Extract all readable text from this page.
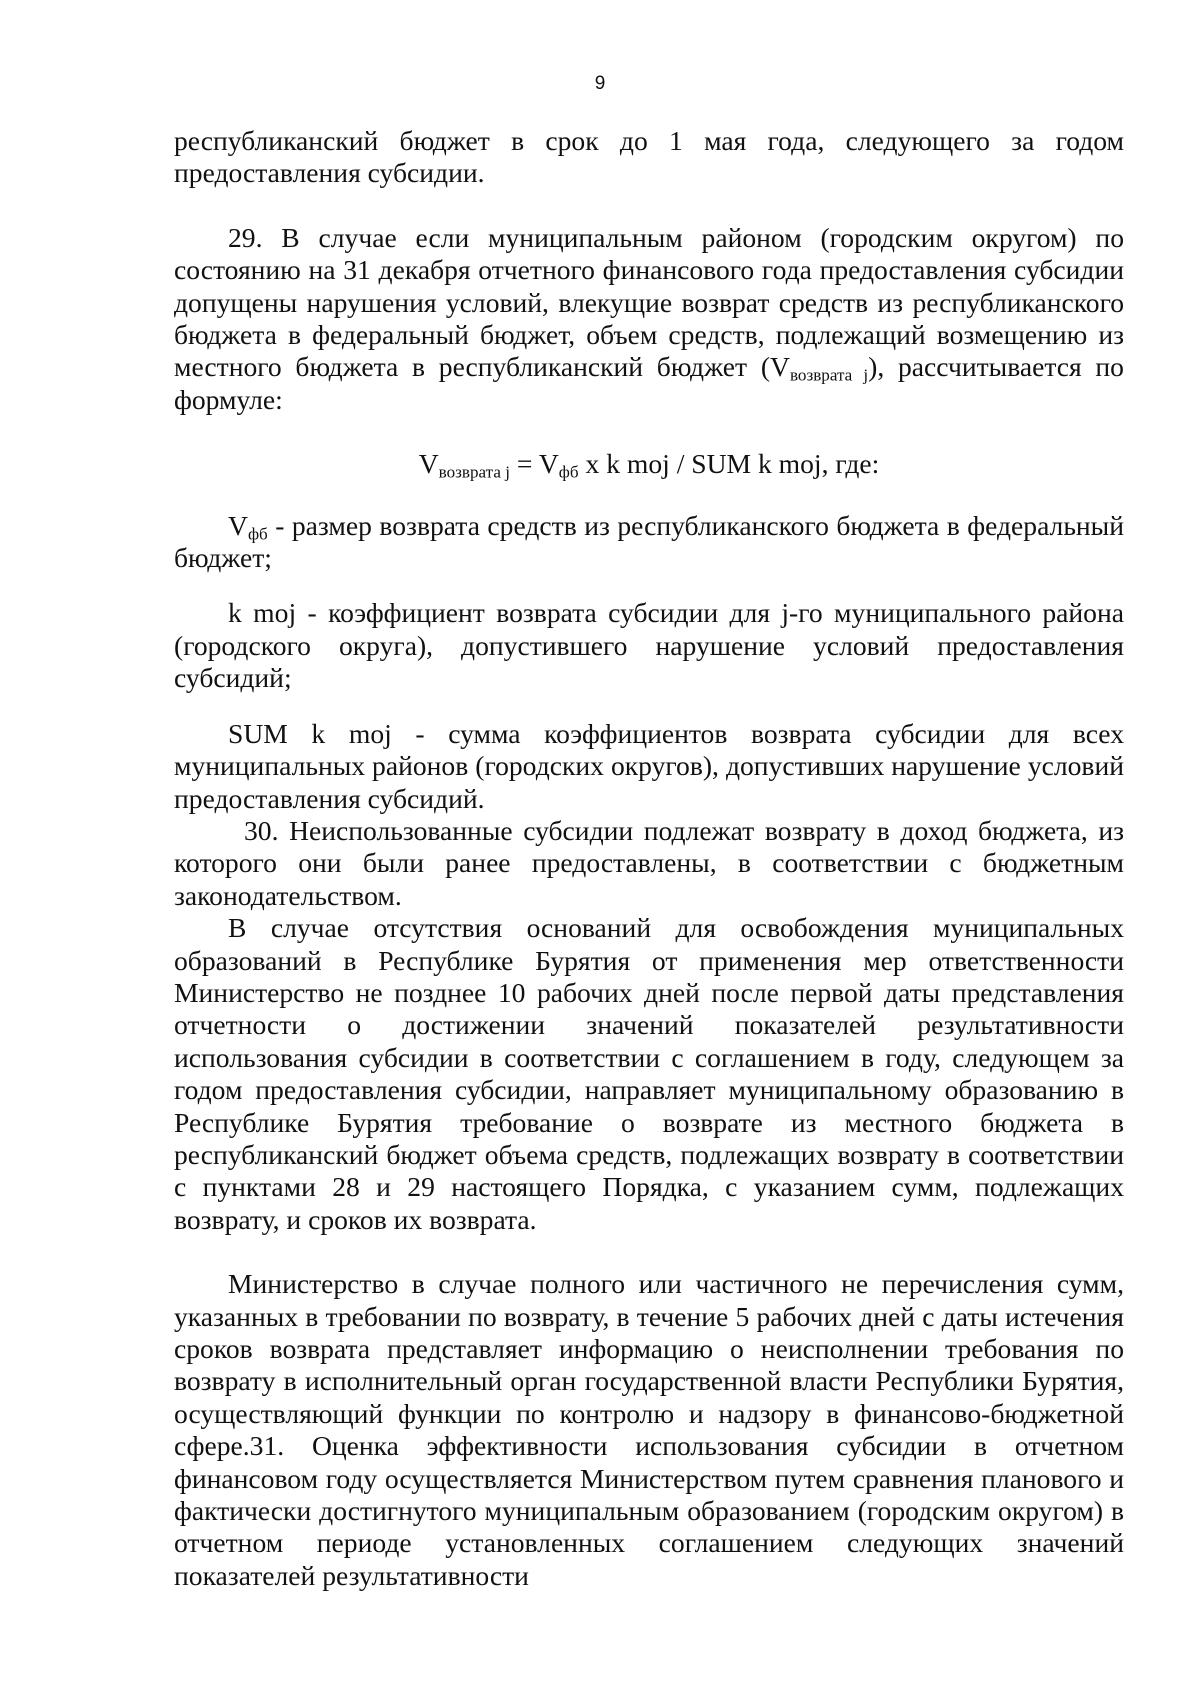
9

республиканский бюджет в срок до 1 мая года, следующего за годом предоставления субсидии.

29. В случае если муниципальным районом (городским округом) по состоянию на 31 декабря отчетного финансового года предоставления субсидии допущены нарушения условий, влекущие возврат средств из республиканского бюджета в федеральный бюджет, объем средств, подлежащий возмещению из местного бюджета в республиканский бюджет $(V_{возврата j})$, рассчитывается по формуле:

$V_{возврата j} = V_{фб}$ x k moj / SUM k moj, где:

$V_{фб}$ - размер возврата средств из республиканского бюджета в федеральный бюджет;

k moj - коэффициент возврата субсидии для j-го муниципального района (городского округа), допустившего нарушение условий предоставления субсидий;

SUM k moj - сумма коэффициентов возврата субсидии для всех муниципальных районов (городских округов), допустивших нарушение условий предоставления субсидий.

30. Неиспользованные субсидии подлежат возврату в доход бюджета, из которого они были ранее предоставлены, в соответствии с бюджетным законодательством.

В случае отсутствия оснований для освобождения муниципальных образований в Республике Бурятия от применения мер ответственности Министерство не позднее 10 рабочих дней после первой даты представления отчетности о достижении значений показателей результативности использования субсидии в соответствии с соглашением в году, следующем за годом предоставления субсидии, направляет муниципальному образованию в Республике Бурятия требование о возврате из местного бюджета в республиканский бюджет объема средств, подлежащих возврату в соответствии с пунктами 28 и 29 настоящего Порядка, с указанием сумм, подлежащих возврату, и сроков их возврата.

Министерство в случае полного или частичного не перечисления сумм, указанных в требовании по возврату, в течение 5 рабочих дней с даты истечения сроков возврата представляет информацию о неисполнении требования по возврату в исполнительный орган государственной власти Республики Бурятия, осуществляющий функции по контролю и надзору в финансово-бюджетной сфере.31. Оценка эффективности использования субсидии в отчетном финансовом году осуществляется Министерством путем сравнения планового и фактически достигнутого муниципальным образованием (городским округом) в отчетном периоде установленных соглашением следующих значений показателей результативности
